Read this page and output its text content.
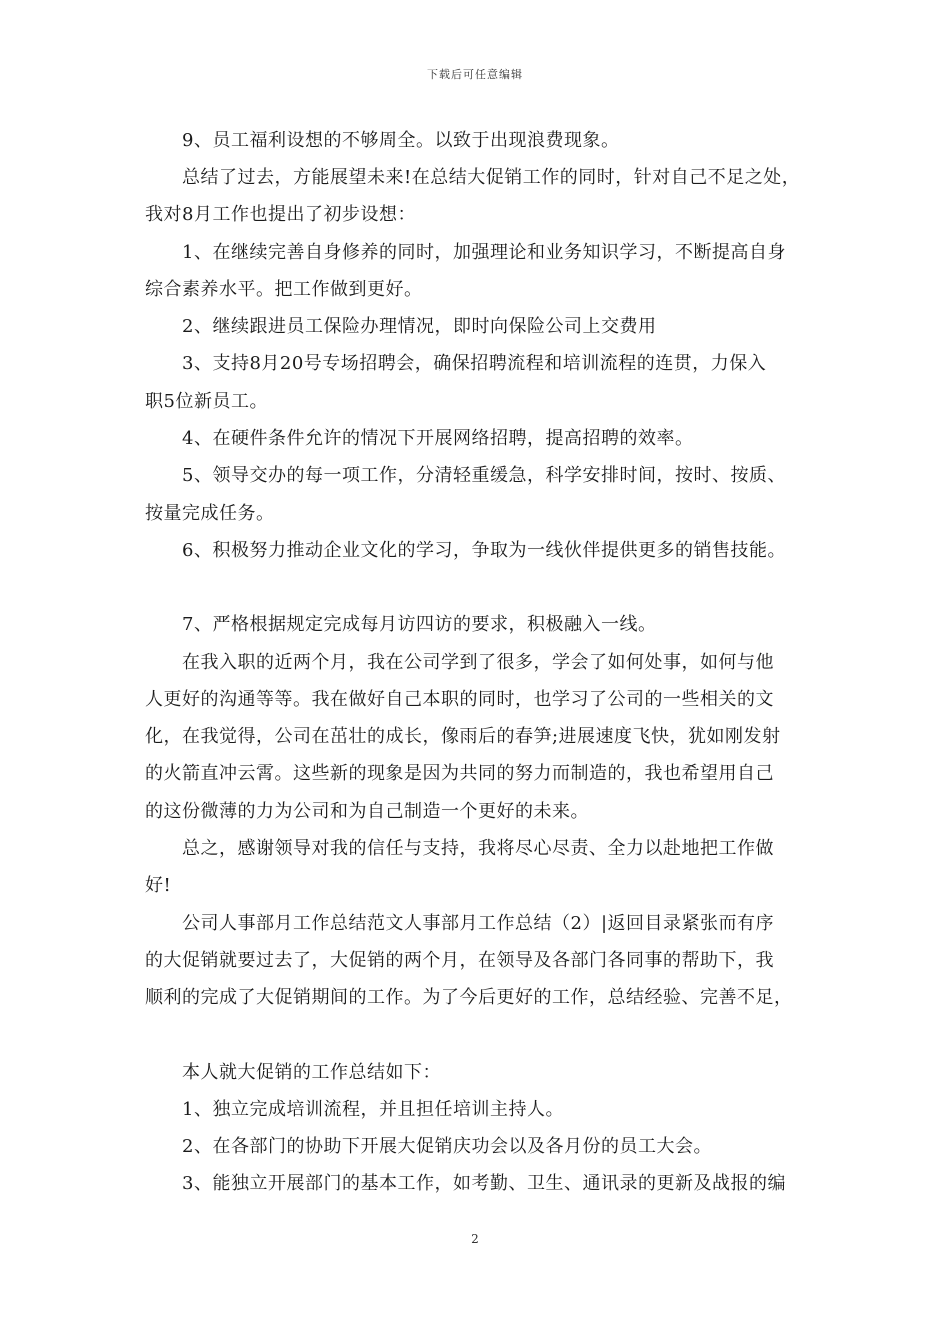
下载后可任意编辑
9、员工福利设想的不够周全。以致于出现浪费现象。
总结了过去，方能展望未来!在总结大促销工作的同时，针对自己不足之处，
我对8月工作也提出了初步设想：
1、在继续完善自身修养的同时，加强理论和业务知识学习，不断提高自身
综合素养水平。把工作做到更好。
2、继续跟进员工保险办理情况，即时向保险公司上交费用
3、支持8月20号专场招聘会，确保招聘流程和培训流程的连贯，力保入
职5位新员工。
4、在硬件条件允许的情况下开展网络招聘，提高招聘的效率。
5、领导交办的每一项工作，分清轻重缓急，科学安排时间，按时、按质、
按量完成任务。
6、积极努力推动企业文化的学习，争取为一线伙伴提供更多的销售技能。
7、严格根据规定完成每月访四访的要求，积极融入一线。
在我入职的近两个月，我在公司学到了很多，学会了如何处事，如何与他
人更好的沟通等等。我在做好自己本职的同时，也学习了公司的一些相关的文
化，在我觉得，公司在茁壮的成长，像雨后的春笋;进展速度飞快，犹如刚发射
的火箭直冲云霄。这些新的现象是因为共同的努力而制造的，我也希望用自己
的这份微薄的力为公司和为自己制造一个更好的未来。
总之，感谢领导对我的信任与支持，我将尽心尽责、全力以赴地把工作做
好!
公司人事部月工作总结范文人事部月工作总结（2）|返回目录紧张而有序
的大促销就要过去了，大促销的两个月，在领导及各部门各同事的帮助下，我
顺利的完成了大促销期间的工作。为了今后更好的工作，总结经验、完善不足，
本人就大促销的工作总结如下：
1、独立完成培训流程，并且担任培训主持人。
2、在各部门的协助下开展大促销庆功会以及各月份的员工大会。
3、能独立开展部门的基本工作，如考勤、卫生、通讯录的更新及战报的编
2
